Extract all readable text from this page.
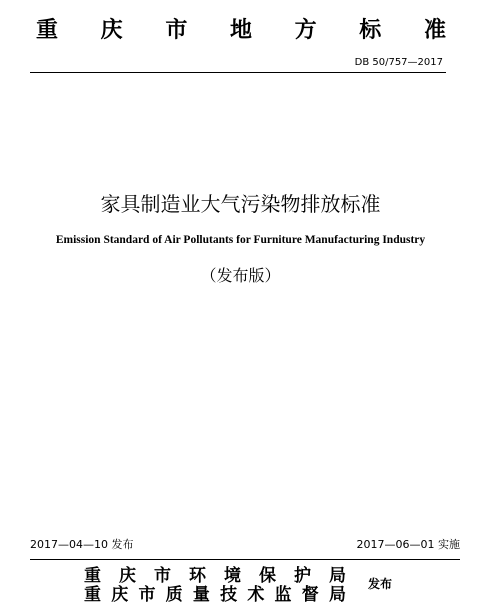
重 庆 市 地 方 标 准
DB 50/757—2017
家具制造业大气污染物排放标准
Emission Standard of Air Pollutants for Furniture Manufacturing Industry
（发布版）
2017—04—10 发布	2017—06—01 实施
重 庆 市 环 境 保 护 局
重 庆 市 质 量 技 术 监 督 局
发布
